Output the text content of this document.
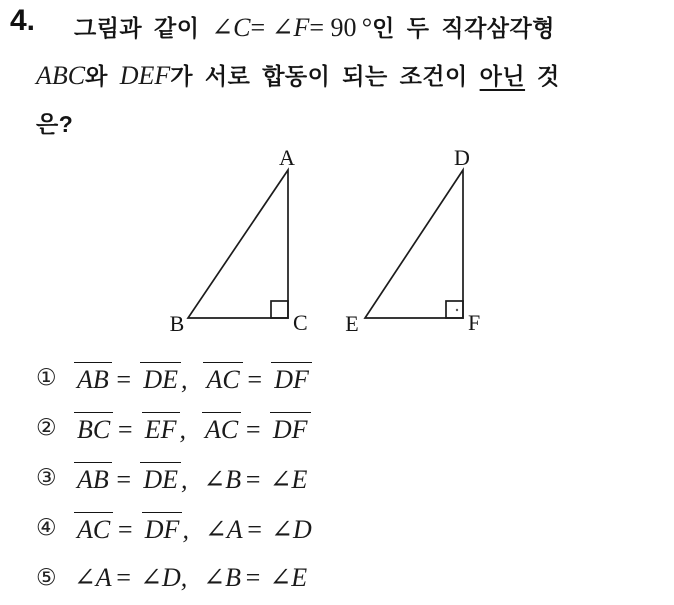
4.	그림과 같이 ∠C= ∠F= 90 °인 두 직각삼각형
ABC와 DEF가 서로 합동이 되는 조건이 아닌 것
은?
A
B	C
D
E	F
① AB = DE , AC = DF
② BC = EF , AC = DF
③ AB = DE , ∠B = ∠E
④ AC = DF , ∠A = ∠D
⑤ ∠A = ∠D, ∠B = ∠E
